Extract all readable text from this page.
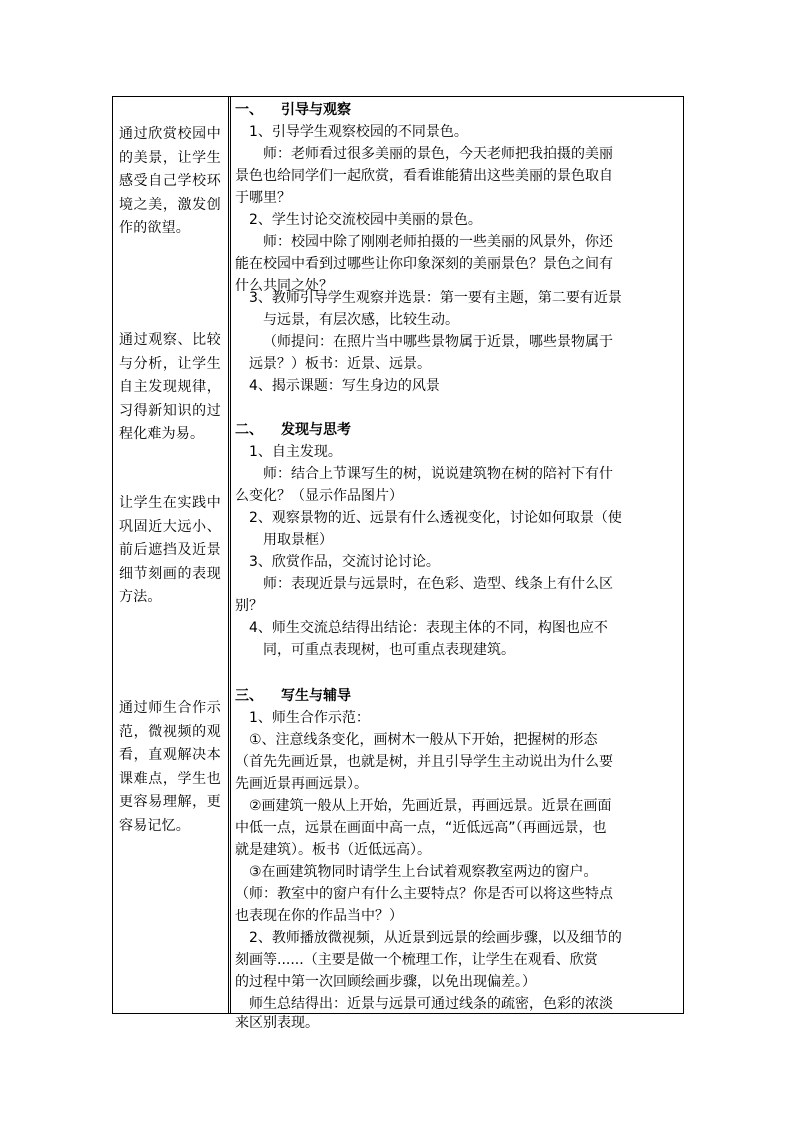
通过欣赏校园中的美景，让学生感受自己学校环境之美，激发创作的欲望。
通过观察、比较与分析，让学生自主发现规律，习得新知识的过程化难为易。
让学生在实践中巩固近大远小、前后遮挡及近景细节刻画的表现方法。
通过师生合作示范，微视频的观看，直观解决本课难点，学生也更容易理解，更容易记忆。
一、 引导与观察
1、引导学生观察校园的不同景色。
师：老师看过很多美丽的景色，今天老师把我拍摄的美丽
景色也给同学们一起欣赏，看看谁能猜出这些美丽的景色取自
于哪里？
2、学生讨论交流校园中美丽的景色。
师：校园中除了刚刚老师拍摄的一些美丽的风景外，你还
能在校园中看到过哪些让你印象深刻的美丽景色？景色之间有
什么共同之处？
3、教师引导学生观察并选景：第一要有主题，第二要有近景
与远景，有层次感，比较生动。
（师提问：在照片当中哪些景物属于近景，哪些景物属于
远景？）板书：近景、远景。
4、揭示课题：写生身边的风景
二、 发现与思考
1、自主发现。
师：结合上节课写生的树，说说建筑物在树的陪衬下有什
么变化？（显示作品图片）
2、观察景物的近、远景有什么透视变化，讨论如何取景（使
用取景框）
3、欣赏作品，交流讨论讨论。
师：表现近景与远景时，在色彩、造型、线条上有什么区
别？
4、师生交流总结得出结论：表现主体的不同，构图也应不
同，可重点表现树，也可重点表现建筑。
三、 写生与辅导
1、师生合作示范：
①、注意线条变化，画树木一般从下开始，把握树的形态
（首先先画近景，也就是树，并且引导学生主动说出为什么要
先画近景再画远景）。
②画建筑一般从上开始，先画近景，再画远景。近景在画面
中低一点，远景在画面中高一点，“近低远高”（再画远景，也
就是建筑）。板书（近低远高）。
③在画建筑物同时请学生上台试着观察教室两边的窗户。
（师：教室中的窗户有什么主要特点？你是否可以将这些特点
也表现在你的作品当中？）
2、教师播放微视频，从近景到远景的绘画步骤，以及细节的
刻画等......（主要是做一个梳理工作，让学生在观看、欣赏
的过程中第一次回顾绘画步骤，以免出现偏差。）
师生总结得出：近景与远景可通过线条的疏密，色彩的浓淡
来区别表现。
